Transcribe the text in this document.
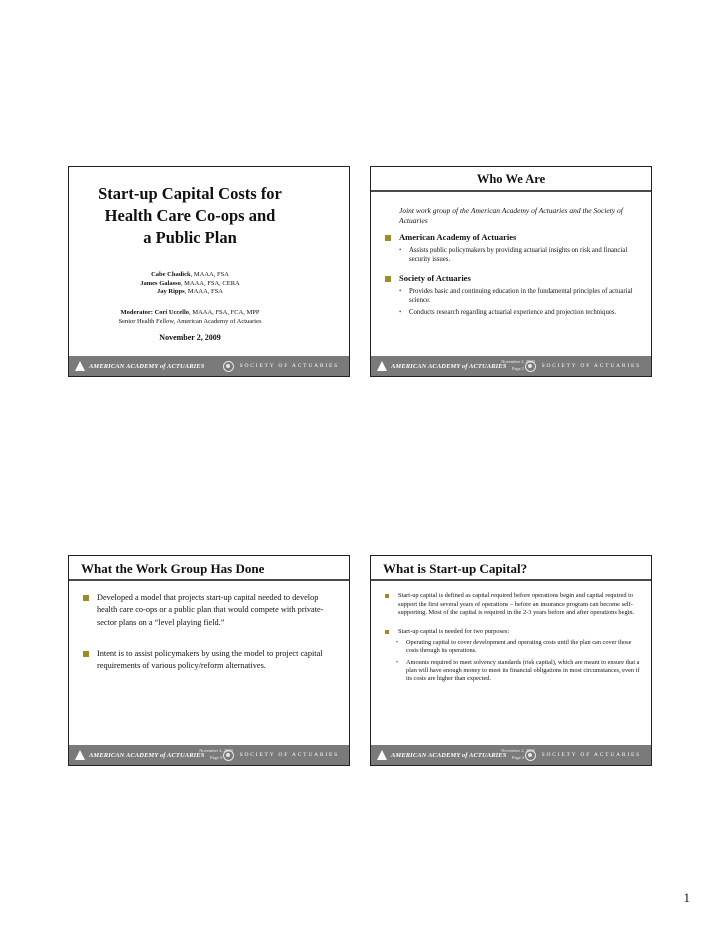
Start-up Capital Costs for
Health Care Co-ops and
a Public Plan
Cabe Chadick, MAAA, FSA
James Galasso, MAAA, FSA, CERA
Jay Ripps, MAAA, FSA
Moderator: Cori Uccello, MAAA, FSA, FCA, MPP
Senior Health Fellow, American Academy of Actuaries
November 2, 2009
AMERICAN ACADEMY of ACTUARIES	SOCIETY OF ACTUARIES
Who We Are
Joint work group of the American Academy of Actuaries and the Society of Actuaries
American Academy of Actuaries
•	Assists public policymakers by providing actuarial insights on risk and financial security issues.
Society of Actuaries
•	Provides basic and continuing education in the fundamental principles of actuarial science.
•	Conducts research regarding actuarial experience and projection techniques.
AMERICAN ACADEMY of ACTUARIES
November 2, 2009
Page 2	SOCIETY OF ACTUARIES
What the Work Group Has Done
Developed a model that projects start-up capital needed to develop health care co-ops or a public plan that would compete with private-sector plans on a “level playing field.”
Intent is to assist policymakers by using the model to project capital requirements of various policy/reform alternatives.
AMERICAN ACADEMY of ACTUARIES
November 2, 2009
Page 3	SOCIETY OF ACTUARIES
What is Start-up Capital?
Start-up capital is defined as capital required before operations begin and capital required to support the first several years of operations – before an insurance program can become self-supporting. Most of the capital is required in the 2-3 years before and after operations begin.
Start-up capital is needed for two purposes:
•	Operating capital to cover development and operating costs until the plan can cover those costs through its operations.
•	Amounts required to meet solvency standards (risk capital), which are meant to ensure that a plan will have enough money to meet its financial obligations in most circumstances, even if its costs are higher than expected.
AMERICAN ACADEMY of ACTUARIES
November 2, 2009
Page 4	SOCIETY OF ACTUARIES
1
